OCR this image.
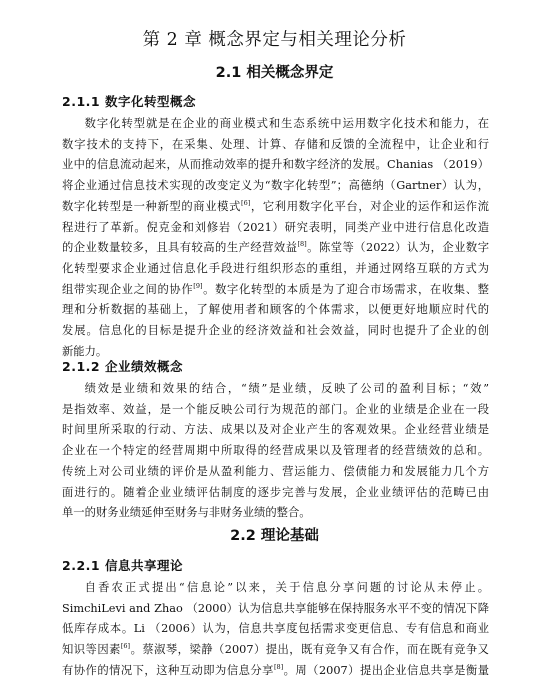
第 2 章 概念界定与相关理论分析
2.1 相关概念界定
2.1.1 数字化转型概念
数字化转型就是在企业的商业模式和生态系统中运用数字化技术和能力，在
数字技术的支持下，在采集、处理、计算、存储和反馈的全流程中，让企业和行
业中的信息流动起来，从而推动效率的提升和数字经济的发展。Chanias （2019）
将企业通过信息技术实现的改变定义为“数字化转型”；高德纳（Gartner）认为，
数字化转型是一种新型的商业模式[6]，它利用数字化平台，对企业的运作和运作流
程进行了革新。倪克金和刘修岩（2021）研究表明，同类产业中进行信息化改造
的企业数量较多，且具有较高的生产经营效益[8]。陈堂等（2022）认为，企业数字
化转型要求企业通过信息化手段进行组织形态的重组，并通过网络互联的方式为
组带实现企业之间的协作[9]。数字化转型的本质是为了迎合市场需求，在收集、整
理和分析数据的基础上，了解使用者和顾客的个体需求，以便更好地顺应时代的
发展。信息化的目标是提升企业的经济效益和社会效益，同时也提升了企业的创
新能力。
2.1.2 企业绩效概念
绩效是业绩和效果的结合，“绩”是业绩，反映了公司的盈利目标；“效”
是指效率、效益，是一个能反映公司行为规范的部门。企业的业绩是企业在一段
时间里所采取的行动、方法、成果以及对企业产生的客观效果。企业经营业绩是
企业在一个特定的经营周期中所取得的经营成果以及管理者的经营绩效的总和。
传统上对公司业绩的评价是从盈利能力、营运能力、偿债能力和发展能力几个方
面进行的。随着企业业绩评估制度的逐步完善与发展，企业业绩评估的范畴已由
单一的财务业绩延伸至财务与非财务业绩的整合。
2.2 理论基础
2.2.1 信息共享理论
自香农正式提出“信息论”以来，关于信息分享问题的讨论从未停止。
SimchiLevi and Zhao （2000）认为信息共享能够在保持服务水平不变的情况下降
低库存成本。Li （2006）认为，信息共享度包括需求变更信息、专有信息和商业
知识等因素[6]。蔡淑琴，梁静（2007）提出，既有竞争又有合作，而在既有竞争又
有协作的情况下，这种互动即为信息分享[8]。周（2007）提出企业信息共享是衡量
